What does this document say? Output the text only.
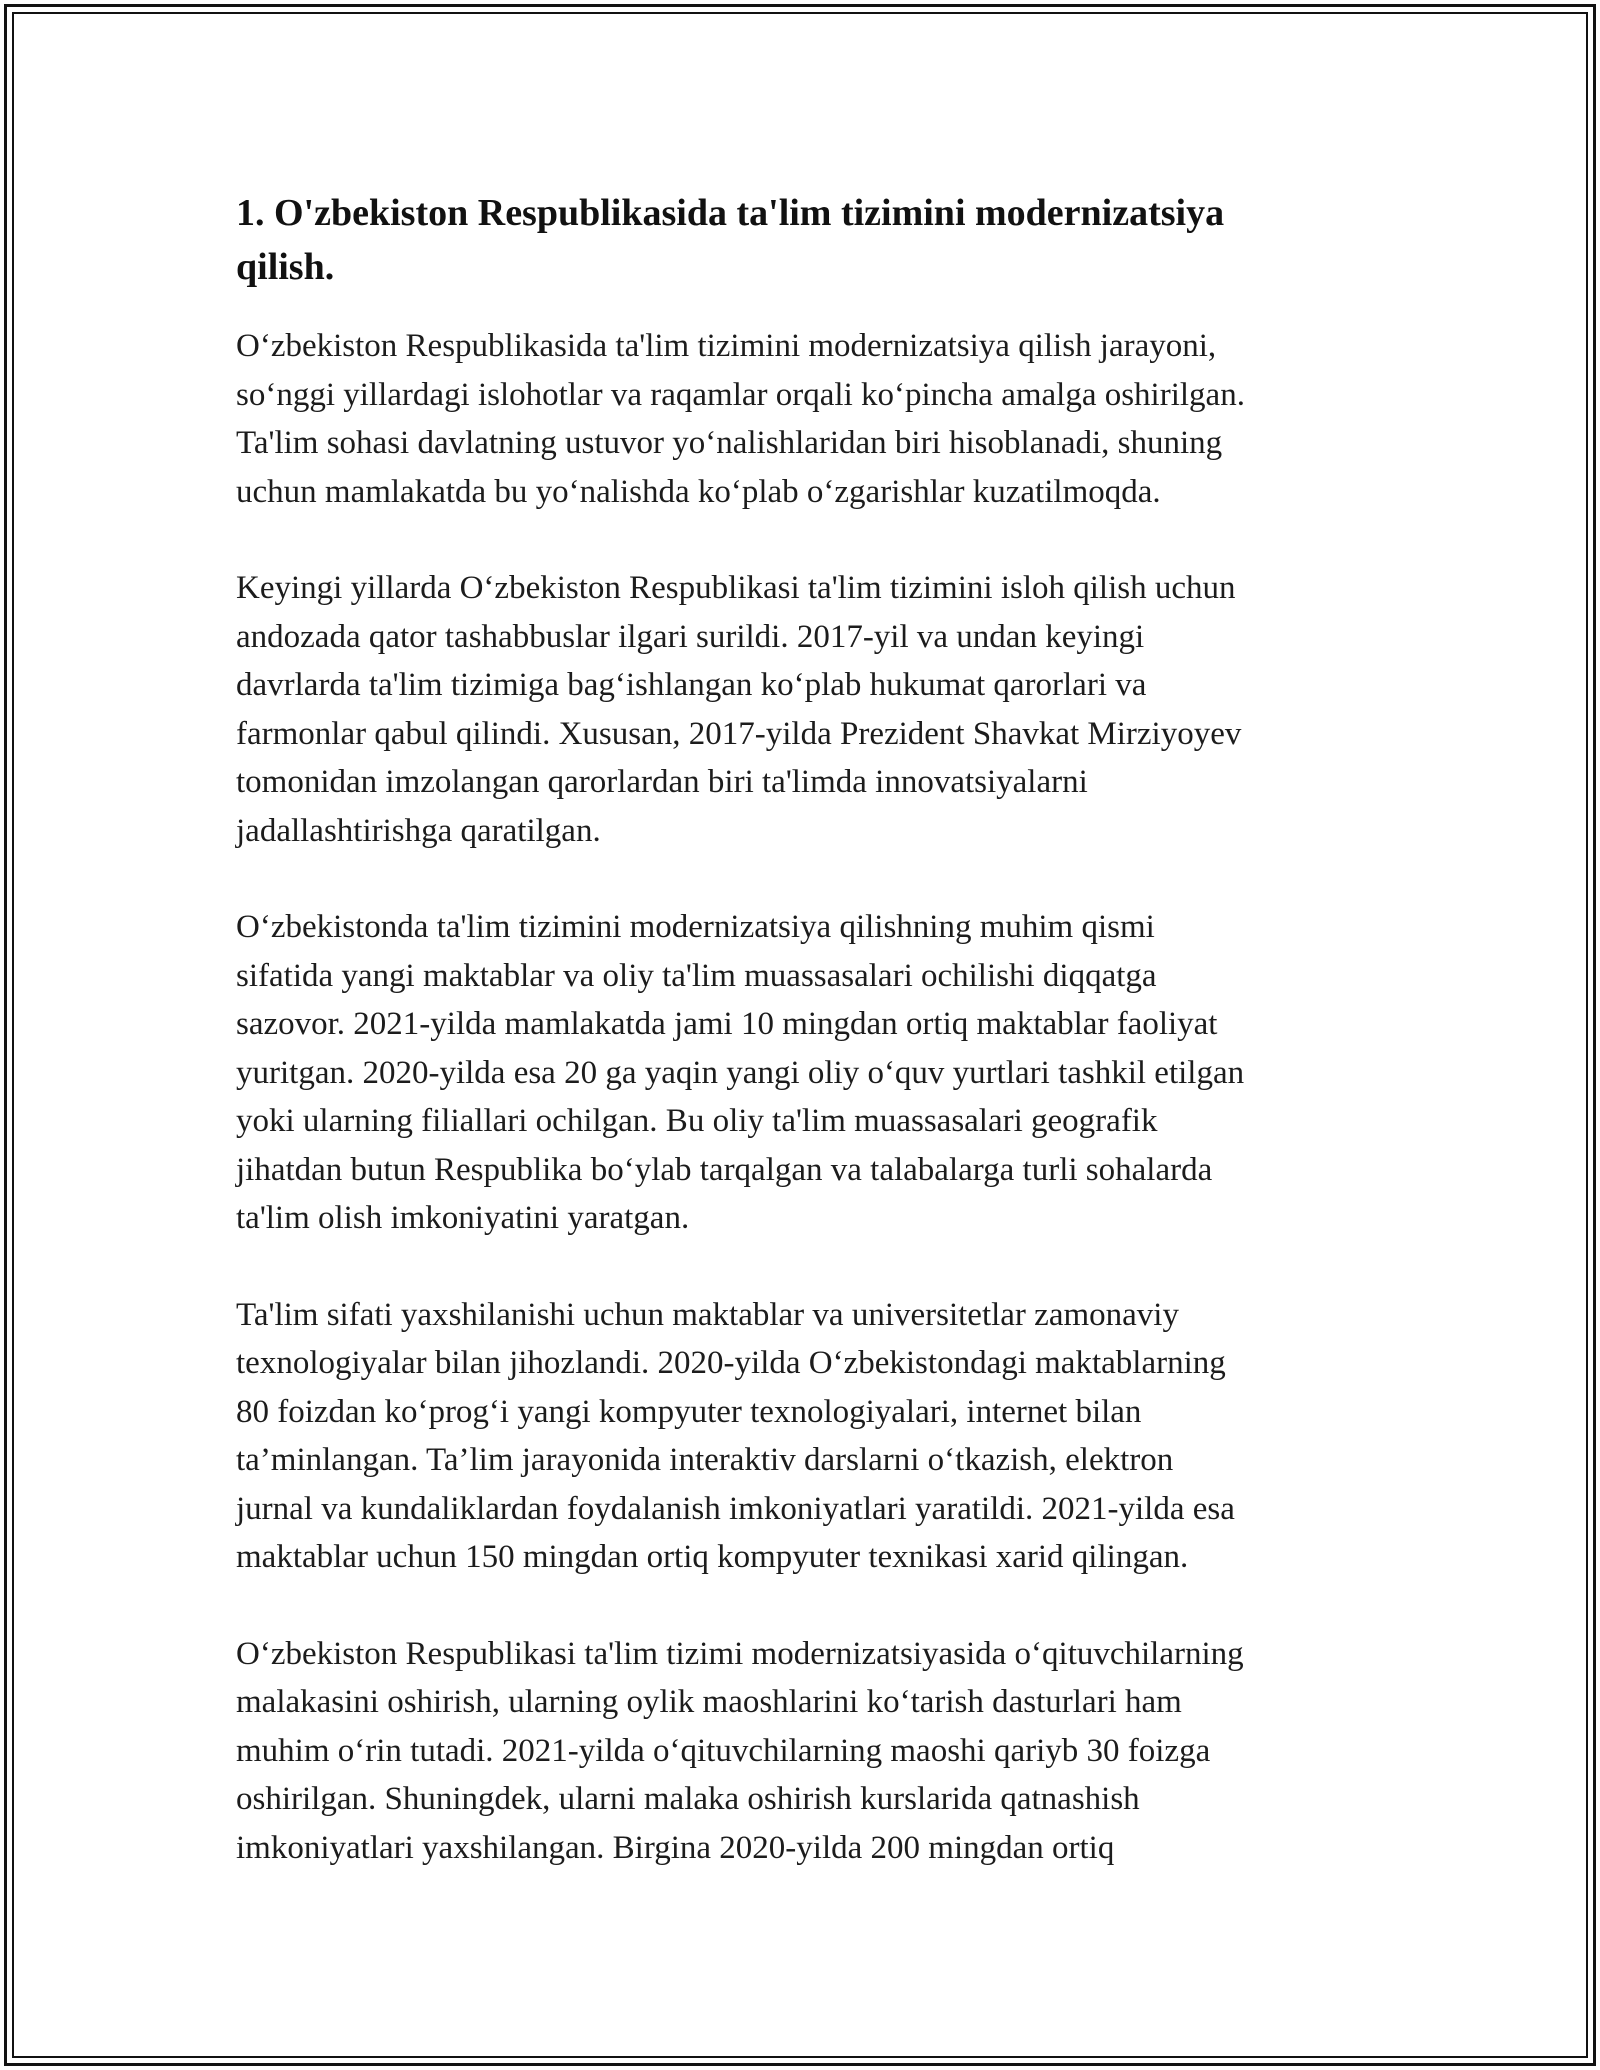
1. O'zbekiston Respublikasida ta'lim tizimini modernizatsiya
qilish.

O‘zbekiston Respublikasida ta'lim tizimini modernizatsiya qilish jarayoni,
so‘nggi yillardagi islohotlar va raqamlar orqali ko‘pincha amalga oshirilgan.
Ta'lim sohasi davlatning ustuvor yo‘nalishlaridan biri hisoblanadi, shuning
uchun mamlakatda bu yo‘nalishda ko‘plab o‘zgarishlar kuzatilmoqda.

Keyingi yillarda O‘zbekiston Respublikasi ta'lim tizimini isloh qilish uchun
andozada qator tashabbuslar ilgari surildi. 2017-yil va undan keyingi
davrlarda ta'lim tizimiga bag‘ishlangan ko‘plab hukumat qarorlari va
farmonlar qabul qilindi. Xususan, 2017-yilda Prezident Shavkat Mirziyoyev
tomonidan imzolangan qarorlardan biri ta'limda innovatsiyalarni
jadallashtirishga qaratilgan.

O‘zbekistonda ta'lim tizimini modernizatsiya qilishning muhim qismi
sifatida yangi maktablar va oliy ta'lim muassasalari ochilishi diqqatga
sazovor. 2021-yilda mamlakatda jami 10 mingdan ortiq maktablar faoliyat
yuritgan. 2020-yilda esa 20 ga yaqin yangi oliy o‘quv yurtlari tashkil etilgan
yoki ularning filiallari ochilgan. Bu oliy ta'lim muassasalari geografik
jihatdan butun Respublika bo‘ylab tarqalgan va talabalarga turli sohalarda
ta'lim olish imkoniyatini yaratgan.

Ta'lim sifati yaxshilanishi uchun maktablar va universitetlar zamonaviy
texnologiyalar bilan jihozlandi. 2020-yilda O‘zbekistondagi maktablarning
80 foizdan ko‘prog‘i yangi kompyuter texnologiyalari, internet bilan
ta’minlangan. Ta’lim jarayonida interaktiv darslarni o‘tkazish, elektron
jurnal va kundaliklardan foydalanish imkoniyatlari yaratildi. 2021-yilda esa
maktablar uchun 150 mingdan ortiq kompyuter texnikasi xarid qilingan.

O‘zbekiston Respublikasi ta'lim tizimi modernizatsiyasida o‘qituvchilarning
malakasini oshirish, ularning oylik maoshlarini ko‘tarish dasturlari ham
muhim o‘rin tutadi. 2021-yilda o‘qituvchilarning maoshi qariyb 30 foizga
oshirilgan. Shuningdek, ularni malaka oshirish kurslarida qatnashish
imkoniyatlari yaxshilangan. Birgina 2020-yilda 200 mingdan ortiq
